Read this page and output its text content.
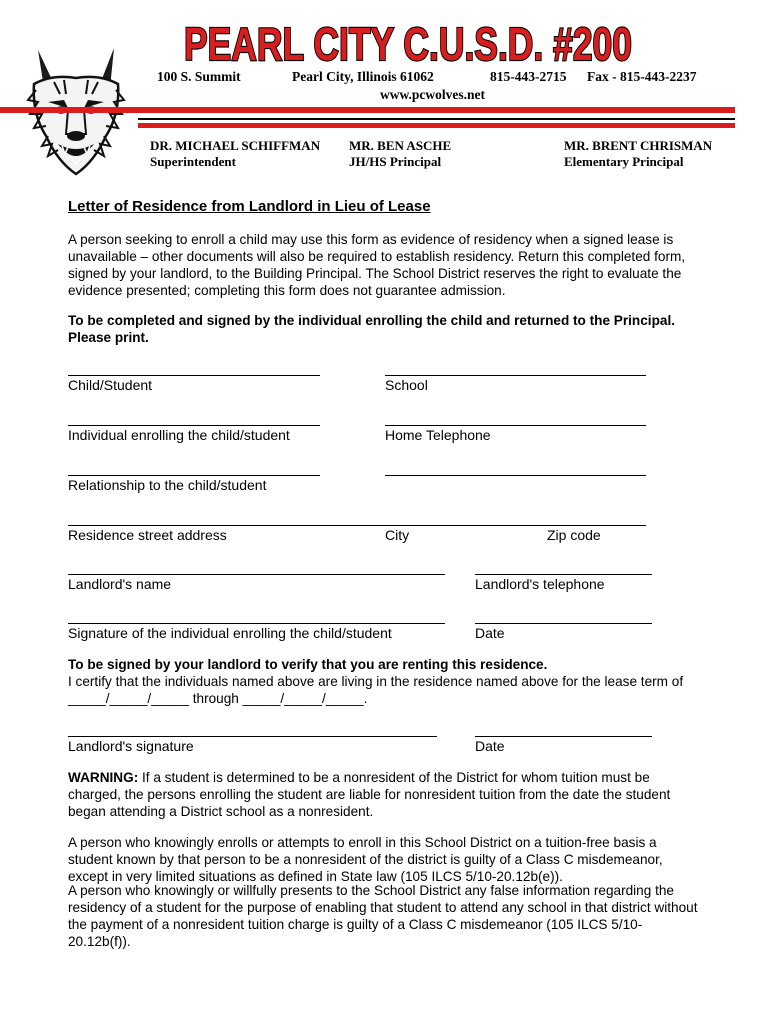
PEARL CITY C.U.S.D. #200
100 S. Summit	Pearl City, Illinois 61062	815-443-2715 Fax - 815-443-2237
www.pcwolves.net
DR. MICHAEL SCHIFFMAN
Superintendent
MR. BEN ASCHE
JH/HS Principal
MR. BRENT CHRISMAN
Elementary Principal
Letter of Residence from Landlord in Lieu of Lease

A person seeking to enroll a child may use this form as evidence of residency when a signed lease is unavailable – other documents will also be required to establish residency. Return this completed form, signed by your landlord, to the Building Principal. The School District reserves the right to evaluate the evidence presented; completing this form does not guarantee admission.

To be completed and signed by the individual enrolling the child and returned to the Principal. Please print.

Child/Student	School
Individual enrolling the child/student	Home Telephone
Relationship to the child/student
Residence street address	City	Zip code
Landlord's name	Landlord's telephone
Signature of the individual enrolling the child/student	Date
To be signed by your landlord to verify that you are renting this residence.
I certify that the individuals named above are living in the residence named above for the lease term of
_____/_____/_____ through _____/_____/_____.
Landlord's signature	Date

WARNING: If a student is determined to be a nonresident of the District for whom tuition must be charged, the persons enrolling the student are liable for nonresident tuition from the date the student began attending a District school as a nonresident.

A person who knowingly enrolls or attempts to enroll in this School District on a tuition-free basis a student known by that person to be a nonresident of the district is guilty of a Class C misdemeanor, except in very limited situations as defined in State law (105 ILCS 5/10-20.12b(e)).

A person who knowingly or willfully presents to the School District any false information regarding the residency of a student for the purpose of enabling that student to attend any school in that district without the payment of a nonresident tuition charge is guilty of a Class C misdemeanor (105 ILCS 5/10-20.12b(f)).
